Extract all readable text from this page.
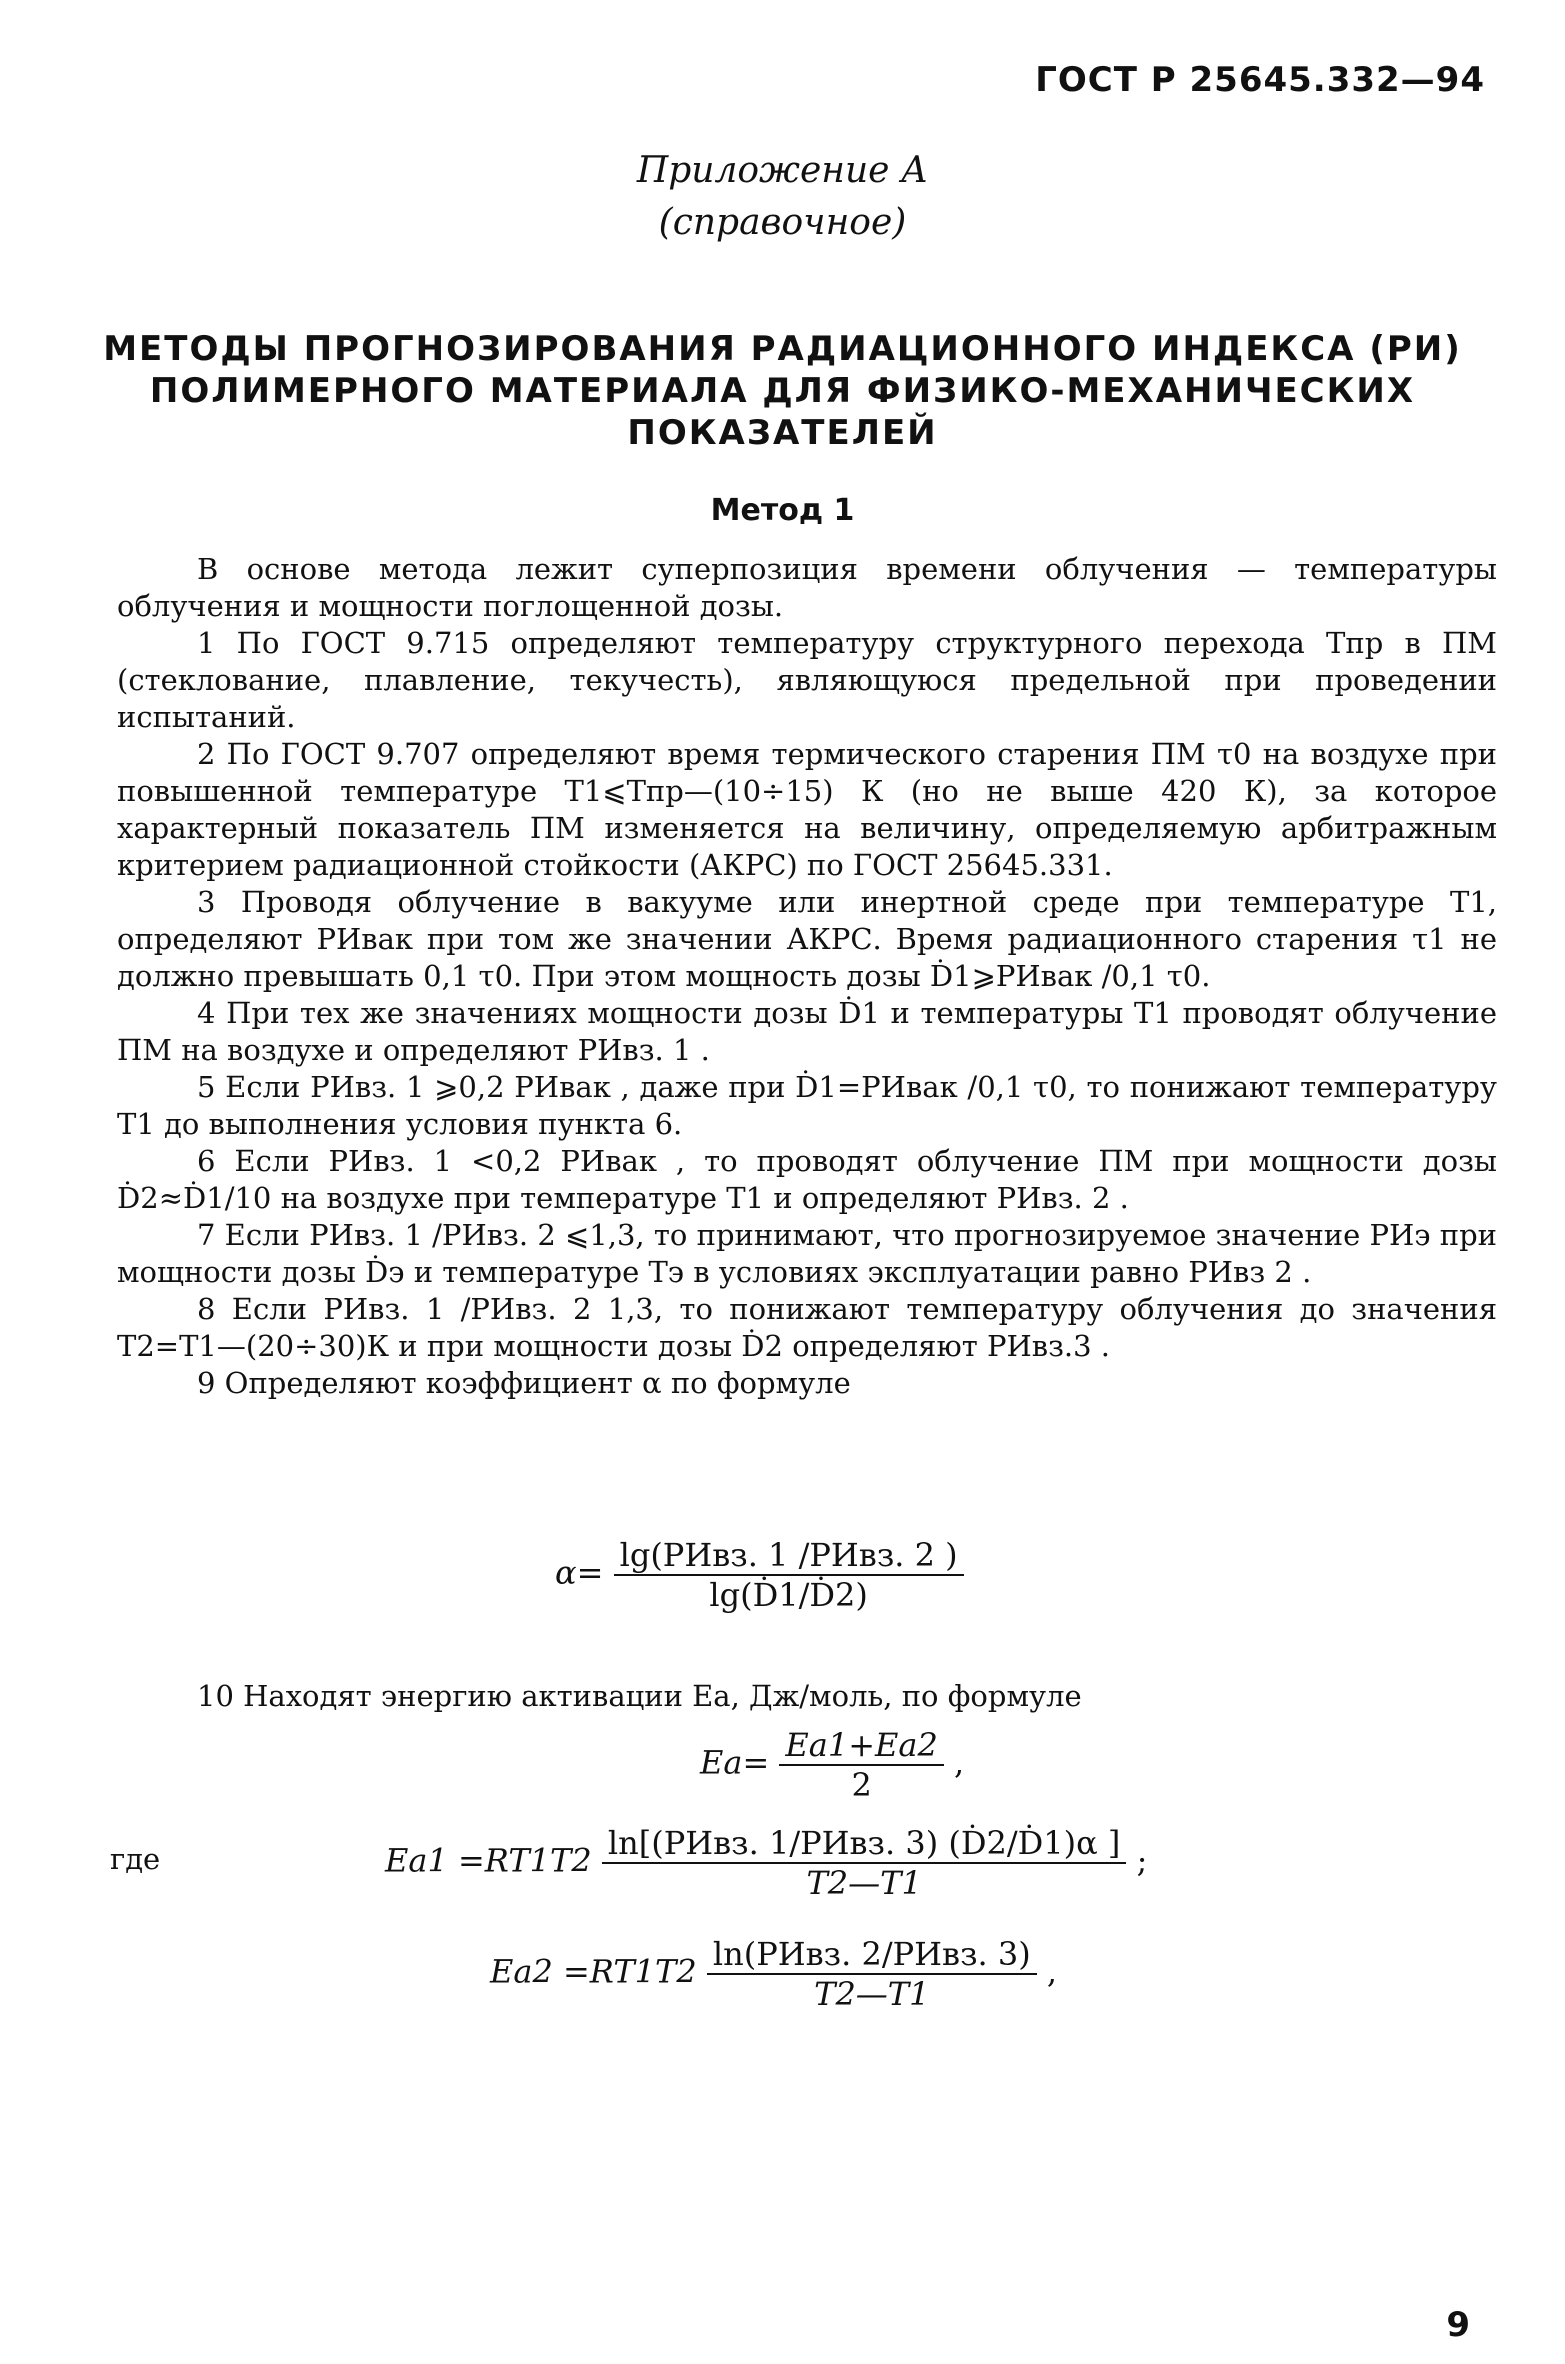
ГОСТ Р 25645.332—94
Приложение А
(справочное)
МЕТОДЫ ПРОГНОЗИРОВАНИЯ РАДИАЦИОННОГО ИНДЕКСА (РИ)
ПОЛИМЕРНОГО МАТЕРИАЛА ДЛЯ ФИЗИКО-МЕХАНИЧЕСКИХ
ПОКАЗАТЕЛЕЙ
Метод 1

В основе метода лежит суперпозиция времени облучения — температуры облучения и мощности поглощенной дозы.

1 По ГОСТ 9.715 определяют температуру структурного перехода Tпр в ПМ (стеклование, плавление, текучесть), являющуюся предельной при проведении испытаний.

2 По ГОСТ 9.707 определяют время термического старения ПМ τ0 на воздухе при повышенной температуре T1⩽Tпр—(10÷15) К (но не выше 420 К), за которое характерный показатель ПМ изменяется на величину, определяемую арбитражным критерием радиационной стойкости (АКРС) по ГОСТ 25645.331.

3 Проводя облучение в вакууме или инертной среде при температуре T1, определяют РИвак при том же значении АКРС. Время радиационного старения τ1 не должно превышать 0,1 τ0. При этом мощность дозы Ḋ1⩾РИвак /0,1 τ0.

4 При тех же значениях мощности дозы Ḋ1 и температуры T1 проводят облучение ПМ на воздухе и определяют РИвз. 1 .

5 Если РИвз. 1 ⩾0,2 РИвак , даже при Ḋ1=РИвак /0,1 τ0, то понижают температуру T1 до выполнения условия пункта 6.

6 Если РИвз. 1 <0,2 РИвак , то проводят облучение ПМ при мощности дозы Ḋ2≈Ḋ1/10 на воздухе при температуре T1 и определяют РИвз. 2 .

7 Если РИвз. 1 /РИвз. 2 ⩽1,3, то принимают, что прогнозируемое значение РИэ при мощности дозы Ḋэ и температуре Tэ в условиях эксплуатации равно РИвз 2 .

8 Если РИвз. 1 /РИвз. 2 1,3, то понижают температуру облучения до значения T2=T1—(20÷30)К и при мощности дозы Ḋ2 определяют РИвз.3 .

9 Определяют коэффициент α по формуле

$\alpha= \frac{\text{lg(РИвз. 1 /РИвз. 2 )}}{\text{lg(Ḋ1/Ḋ2)}}$

10 Находят энергию активации Eа, Дж/моль, по формуле

$Eа= \frac{Eа1+Eа2}{2}$ ,
где	$Eа1 =RT1T2 \frac{\text{ln[(РИвз. 1/РИвз. 3) (Ḋ2/Ḋ1)α ]}}{T2—T1}$ ;
$Eа2 =RT1T2 \frac{\text{ln(РИвз. 2/РИвз. 3)}}{T2—T1}$ ,
9
